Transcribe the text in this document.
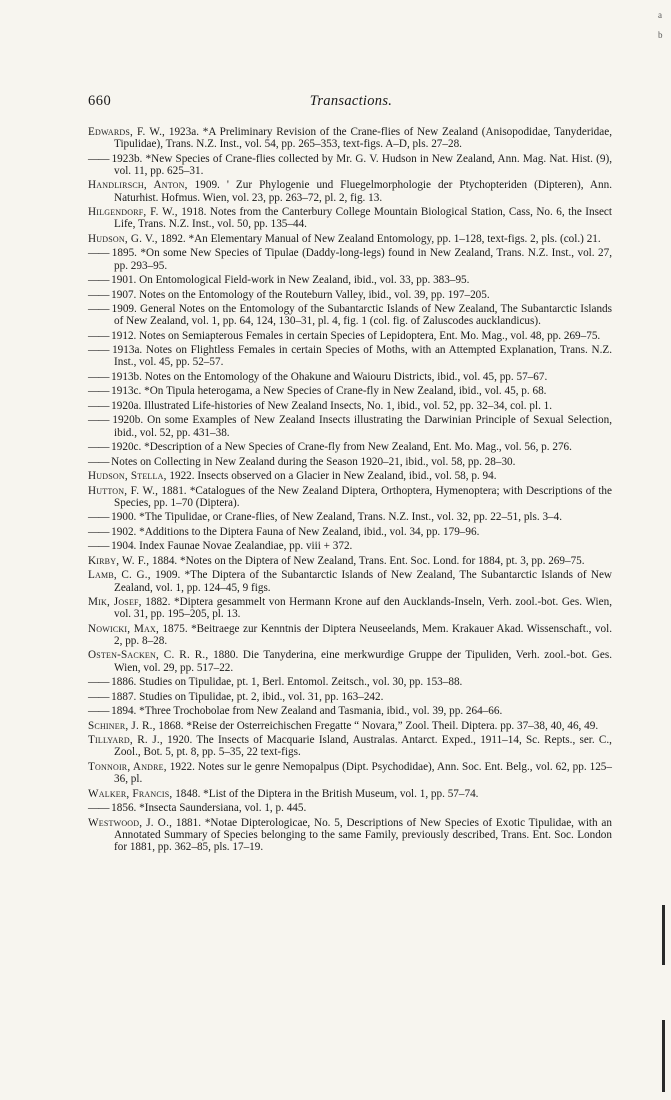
660	Transactions.

Edwards, F. W., 1923a. *A Preliminary Revision of the Crane-flies of New Zealand (Anisopodidae, Tanyderidae, Tipulidae), Trans. N.Z. Inst., vol. 54, pp. 265–353, text-figs. A–D, pls. 27–28.

—— 1923b. *New Species of Crane-flies collected by Mr. G. V. Hudson in New Zealand, Ann. Mag. Nat. Hist. (9), vol. 11, pp. 625–31.

Handlirsch, Anton, 1909. ' Zur Phylogenie und Fluegelmorphologie der Ptychopteriden (Dipteren), Ann. Naturhist. Hofmus. Wien, vol. 23, pp. 263–72, pl. 2, fig. 13.

Hilgendorf, F. W., 1918. Notes from the Canterbury College Mountain Biological Station, Cass, No. 6, the Insect Life, Trans. N.Z. Inst., vol. 50, pp. 135–44.

Hudson, G. V., 1892. *An Elementary Manual of New Zealand Entomology, pp. 1–128, text-figs. 2, pls. (col.) 21.

—— 1895. *On some New Species of Tipulae (Daddy-long-legs) found in New Zealand, Trans. N.Z. Inst., vol. 27, pp. 293–95.

—— 1901. On Entomological Field-work in New Zealand, ibid., vol. 33, pp. 383–95.

—— 1907. Notes on the Entomology of the Routeburn Valley, ibid., vol. 39, pp. 197–205.

—— 1909. General Notes on the Entomology of the Subantarctic Islands of New Zealand, The Subantarctic Islands of New Zealand, vol. 1, pp. 64, 124, 130–31, pl. 4, fig. 1 (col. fig. of Zaluscodes aucklandicus).

—— 1912. Notes on Semiapterous Females in certain Species of Lepidoptera, Ent. Mo. Mag., vol. 48, pp. 269–75.

—— 1913a. Notes on Flightless Females in certain Species of Moths, with an Attempted Explanation, Trans. N.Z. Inst., vol. 45, pp. 52–57.

—— 1913b. Notes on the Entomology of the Ohakune and Waiouru Districts, ibid., vol. 45, pp. 57–67.

—— 1913c. *On Tipula heterogama, a New Species of Crane-fly in New Zealand, ibid., vol. 45, p. 68.

—— 1920a. Illustrated Life-histories of New Zealand Insects, No. 1, ibid., vol. 52, pp. 32–34, col. pl. 1.

—— 1920b. On some Examples of New Zealand Insects illustrating the Darwinian Principle of Sexual Selection, ibid., vol. 52, pp. 431–38.

—— 1920c. *Description of a New Species of Crane-fly from New Zealand, Ent. Mo. Mag., vol. 56, p. 276.

—— Notes on Collecting in New Zealand during the Season 1920–21, ibid., vol. 58, pp. 28–30.

Hudson, Stella, 1922. Insects observed on a Glacier in New Zealand, ibid., vol. 58, p. 94.

Hutton, F. W., 1881. *Catalogues of the New Zealand Diptera, Orthoptera, Hymenoptera; with Descriptions of the Species, pp. 1–70 (Diptera).

—— 1900. *The Tipulidae, or Crane-flies, of New Zealand, Trans. N.Z. Inst., vol. 32, pp. 22–51, pls. 3–4.

—— 1902. *Additions to the Diptera Fauna of New Zealand, ibid., vol. 34, pp. 179–96.

—— 1904. Index Faunae Novae Zealandiae, pp. viii + 372.

Kirby, W. F., 1884. *Notes on the Diptera of New Zealand, Trans. Ent. Soc. Lond. for 1884, pt. 3, pp. 269–75.

Lamb, C. G., 1909. *The Diptera of the Subantarctic Islands of New Zealand, The Subantarctic Islands of New Zealand, vol. 1, pp. 124–45, 9 figs.

Mik, Josef, 1882. *Diptera gesammelt von Hermann Krone auf den Aucklands-Inseln, Verh. zool.-bot. Ges. Wien, vol. 31, pp. 195–205, pl. 13.

Nowicki, Max, 1875. *Beitraege zur Kenntnis der Diptera Neuseelands, Mem. Krakauer Akad. Wissenschaft., vol. 2, pp. 8–28.

Osten-Sacken, C. R. R., 1880. Die Tanyderina, eine merkwurdige Gruppe der Tipuliden, Verh. zool.-bot. Ges. Wien, vol. 29, pp. 517–22.

—— 1886. Studies on Tipulidae, pt. 1, Berl. Entomol. Zeitsch., vol. 30, pp. 153–88.

—— 1887. Studies on Tipulidae, pt. 2, ibid., vol. 31, pp. 163–242.

—— 1894. *Three Trochobolae from New Zealand and Tasmania, ibid., vol. 39, pp. 264–66.

Schiner, J. R., 1868. *Reise der Osterreichischen Fregatte “ Novara,” Zool. Theil. Diptera. pp. 37–38, 40, 46, 49.

Tillyard, R. J., 1920. The Insects of Macquarie Island, Australas. Antarct. Exped., 1911–14, Sc. Repts., ser. C., Zool., Bot. 5, pt. 8, pp. 5–35, 22 text-figs.

Tonnoir, Andre, 1922. Notes sur le genre Nemopalpus (Dipt. Psychodidae), Ann. Soc. Ent. Belg., vol. 62, pp. 125–36, pl.

Walker, Francis, 1848. *List of the Diptera in the British Museum, vol. 1, pp. 57–74.

—— 1856. *Insecta Saundersiana, vol. 1, p. 445.

Westwood, J. O., 1881. *Notae Dipterologicae, No. 5, Descriptions of New Species of Exotic Tipulidae, with an Annotated Summary of Species belonging to the same Family, previously described, Trans. Ent. Soc. London for 1881, pp. 362–85, pls. 17–19.

a
b
